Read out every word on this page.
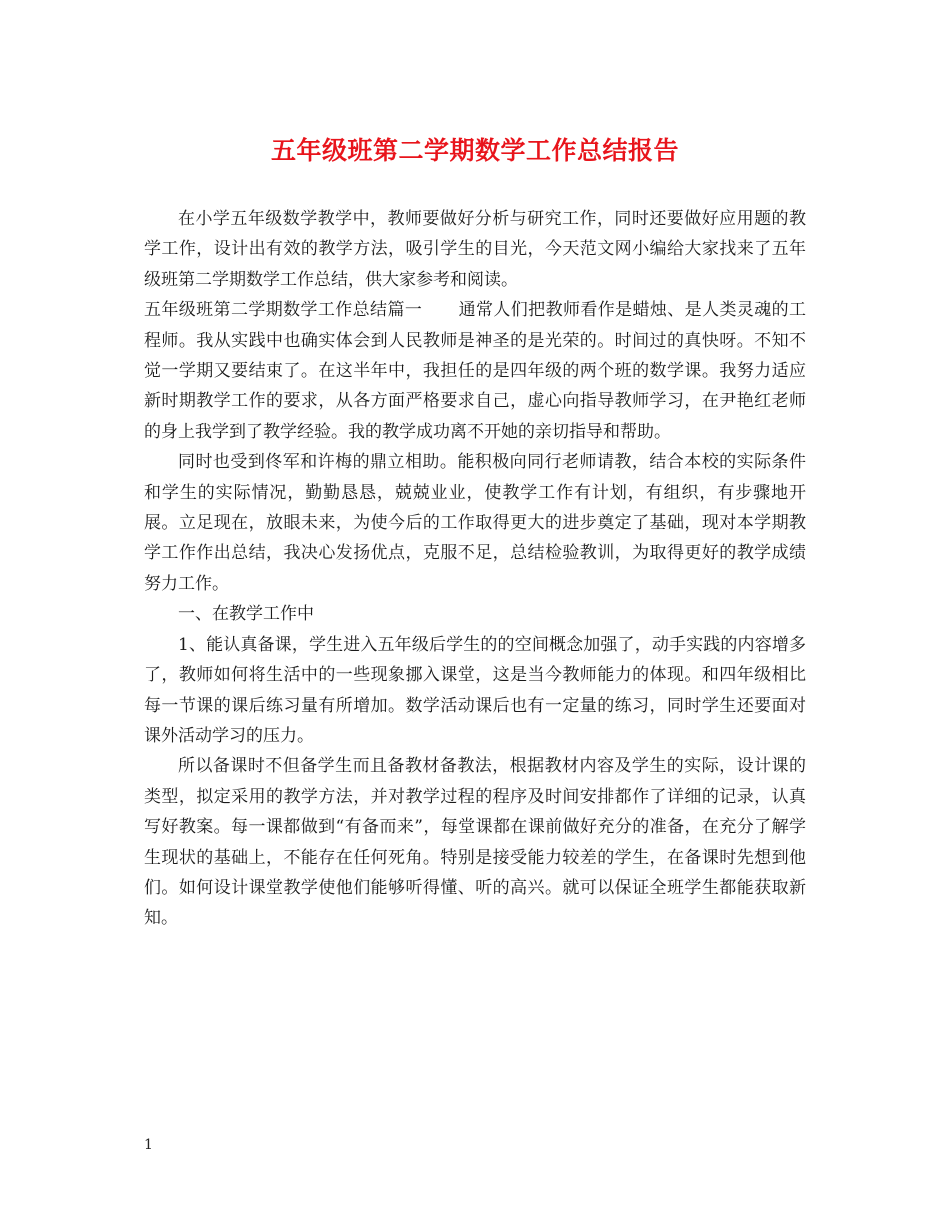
五年级班第二学期数学工作总结报告

在小学五年级数学教学中，教师要做好分析与研究工作，同时还要做好应用题的教学工作，设计出有效的教学方法，吸引学生的目光，今天范文网小编给大家找来了五年级班第二学期数学工作总结，供大家参考和阅读。

五年级班第二学期数学工作总结篇一 通常人们把教师看作是蜡烛、是人类灵魂的工程师。我从实践中也确实体会到人民教师是神圣的是光荣的。时间过的真快呀。不知不觉一学期又要结束了。在这半年中，我担任的是四年级的两个班的数学课。我努力适应新时期教学工作的要求，从各方面严格要求自己，虚心向指导教师学习，在尹艳红老师的身上我学到了教学经验。我的教学成功离不开她的亲切指导和帮助。

同时也受到佟军和许梅的鼎立相助。能积极向同行老师请教，结合本校的实际条件和学生的实际情况，勤勤恳恳，兢兢业业，使教学工作有计划，有组织，有步骤地开展。立足现在，放眼未来，为使今后的工作取得更大的进步奠定了基础，现对本学期教学工作作出总结，我决心发扬优点，克服不足，总结检验教训，为取得更好的教学成绩努力工作。

一、在教学工作中

1、能认真备课，学生进入五年级后学生的的空间概念加强了，动手实践的内容增多了，教师如何将生活中的一些现象挪入课堂，这是当今教师能力的体现。和四年级相比每一节课的课后练习量有所增加。数学活动课后也有一定量的练习，同时学生还要面对课外活动学习的压力。

所以备课时不但备学生而且备教材备教法，根据教材内容及学生的实际，设计课的类型，拟定采用的教学方法，并对教学过程的程序及时间安排都作了详细的记录，认真写好教案。每一课都做到“有备而来”，每堂课都在课前做好充分的准备，在充分了解学生现状的基础上，不能存在任何死角。特别是接受能力较差的学生，在备课时先想到他们。如何设计课堂教学使他们能够听得懂、听的高兴。就可以保证全班学生都能获取新知。

1
